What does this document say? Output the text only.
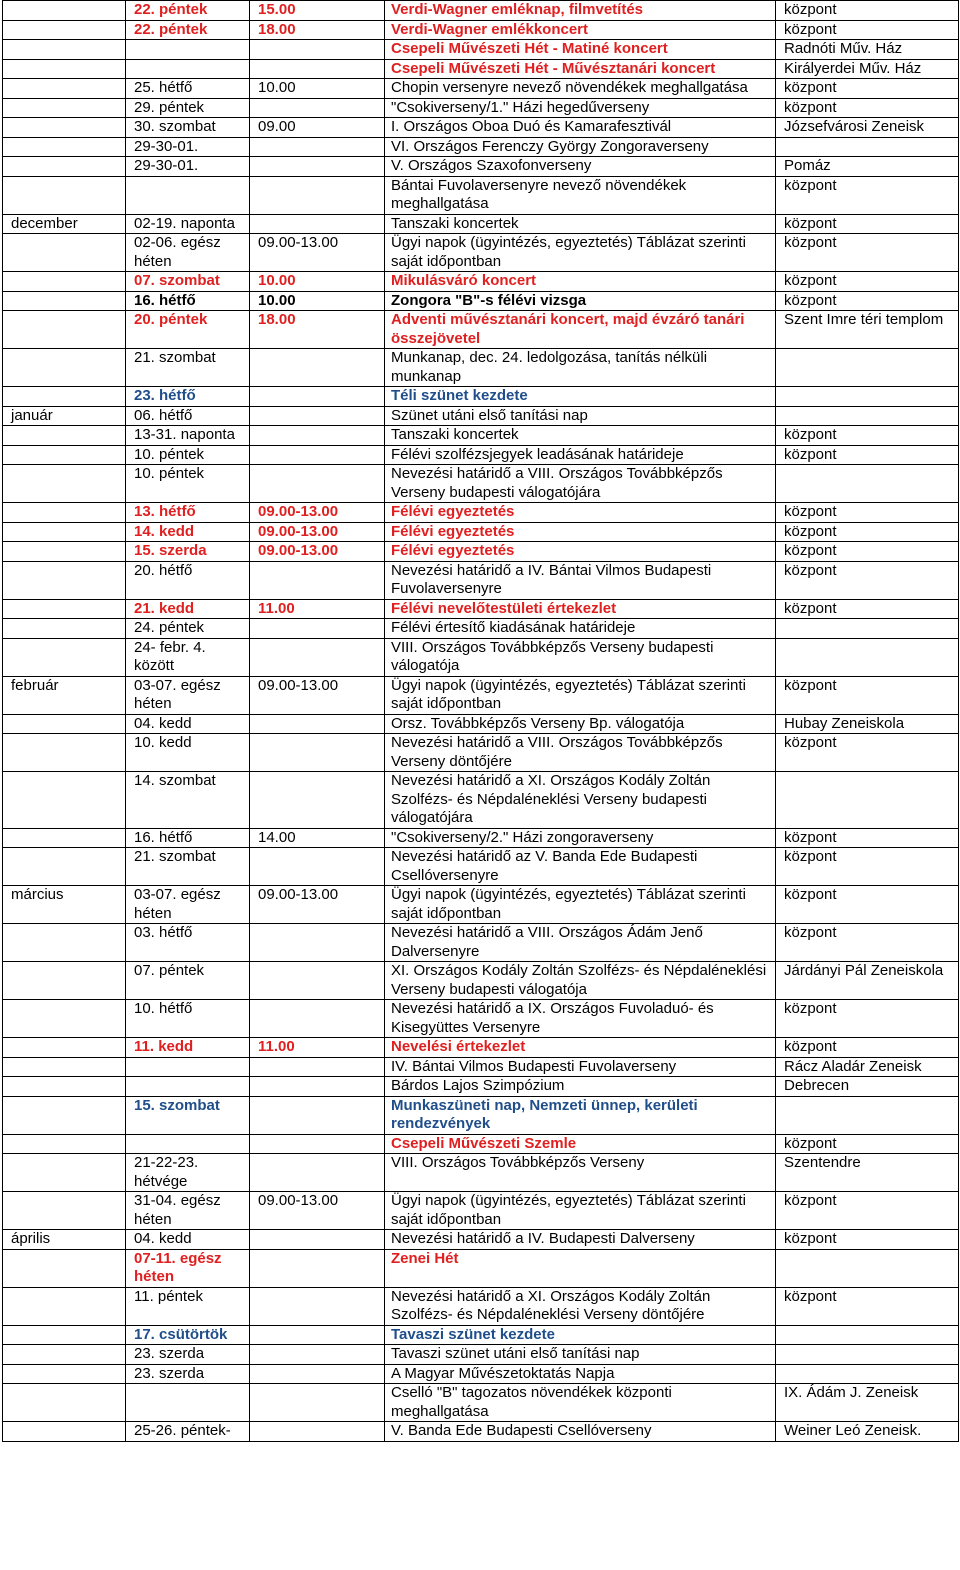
	22. péntek	15.00	Verdi-Wagner emléknap, filmvetítés	központ
	22. péntek	18.00	Verdi-Wagner emlékkoncert	központ
			Csepeli Művészeti Hét - Matiné koncert	Radnóti Műv. Ház
			Csepeli Művészeti Hét - Művésztanári koncert	Királyerdei Műv. Ház
	25. hétfő	10.00	Chopin versenyre nevező növendékek meghallgatása	központ
	29. péntek		"Csokiverseny/1." Házi hegedűverseny	központ
	30. szombat	09.00	I. Országos Oboa Duó és Kamarafesztivál	Józsefvárosi Zeneisk
	29-30-01.		VI. Országos Ferenczy György Zongoraverseny	
	29-30-01.		V. Országos Szaxofonverseny	Pomáz
			Bántai Fuvolaversenyre nevező növendékek meghallgatása	központ
december	02-19. naponta		Tanszaki koncertek	központ
	02-06. egész héten	09.00-13.00	Ügyi napok (ügyintézés, egyeztetés) Táblázat szerinti saját időpontban	központ
	07. szombat	10.00	Mikulásváró koncert	központ
	16. hétfő	10.00	Zongora "B"-s félévi vizsga	központ
	20. péntek	18.00	Adventi művésztanári koncert, majd évzáró tanári összejövetel	Szent Imre téri templom
	21. szombat		Munkanap, dec. 24. ledolgozása, tanítás nélküli munkanap	
	23. hétfő		Téli szünet kezdete	
január	06. hétfő		Szünet utáni első tanítási nap	
	13-31. naponta		Tanszaki koncertek	központ
	10. péntek		Félévi szolfézsjegyek leadásának határideje	központ
	10. péntek		Nevezési határidő a VIII. Országos Továbbképzős Verseny budapesti válogatójára	
	13. hétfő	09.00-13.00	Félévi egyeztetés	központ
	14. kedd	09.00-13.00	Félévi egyeztetés	központ
	15. szerda	09.00-13.00	Félévi egyeztetés	központ
	20. hétfő		Nevezési határidő a IV. Bántai Vilmos Budapesti Fuvolaversenyre	központ
	21. kedd	11.00	Félévi nevelőtestületi értekezlet	központ
	24. péntek		Félévi értesítő kiadásának határideje	
	24- febr. 4. között		VIII. Országos Továbbképzős Verseny budapesti válogatója	
február	03-07. egész héten	09.00-13.00	Ügyi napok (ügyintézés, egyeztetés) Táblázat szerinti saját időpontban	központ
	04. kedd		Orsz. Továbbképzős Verseny Bp. válogatója	Hubay Zeneiskola
	10. kedd		Nevezési határidő a VIII. Országos Továbbképzős Verseny döntőjére	központ
	14. szombat		Nevezési határidő a XI. Országos Kodály Zoltán Szolfézs- és Népdaléneklési Verseny budapesti válogatójára	
	16. hétfő	14.00	"Csokiverseny/2." Házi zongoraverseny	központ
	21. szombat		Nevezési határidő az V. Banda Ede Budapesti Csellóversenyre	központ
március	03-07. egész héten	09.00-13.00	Ügyi napok (ügyintézés, egyeztetés) Táblázat szerinti saját időpontban	központ
	03. hétfő		Nevezési határidő a VIII. Országos Ádám Jenő Dalversenyre	központ
	07. péntek		XI. Országos Kodály Zoltán Szolfézs- és Népdaléneklési Verseny budapesti válogatója	Járdányi Pál Zeneiskola
	10. hétfő		Nevezési határidő a IX. Országos Fuvoladuó- és Kisegyüttes Versenyre	központ
	11. kedd	11.00	Nevelési értekezlet	központ
			IV. Bántai Vilmos Budapesti Fuvolaverseny	Rácz Aladár Zeneisk
			Bárdos Lajos Szimpózium	Debrecen
	15. szombat		Munkaszüneti nap, Nemzeti ünnep, kerületi rendezvények	
			Csepeli Művészeti Szemle	központ
	21-22-23. hétvége		VIII. Országos Továbbképzős Verseny	Szentendre
	31-04. egész héten	09.00-13.00	Ügyi napok (ügyintézés, egyeztetés) Táblázat szerinti saját időpontban	központ
április	04. kedd		Nevezési határidő a IV. Budapesti Dalverseny	központ
	07-11. egész héten		Zenei Hét	
	11. péntek		Nevezési határidő a XI. Országos Kodály Zoltán Szolfézs- és Népdaléneklési Verseny döntőjére	központ
	17. csütörtök		Tavaszi szünet kezdete	
	23. szerda		Tavaszi szünet utáni első tanítási nap	
	23. szerda		A Magyar Művészetoktatás Napja	
			Cselló "B" tagozatos növendékek központi meghallgatása	IX. Ádám J. Zeneisk
	25-26. péntek-		V. Banda Ede Budapesti Csellóverseny	Weiner Leó Zeneisk.
